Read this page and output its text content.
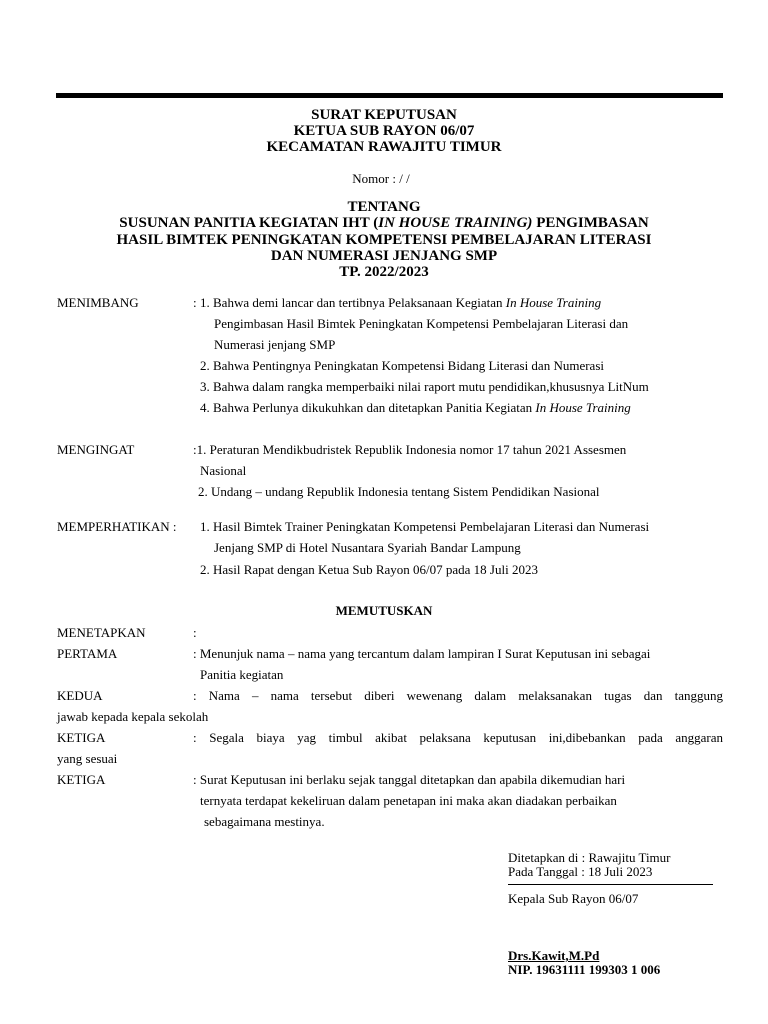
SURAT KEPUTUSAN
KETUA SUB RAYON 06/07
KECAMATAN RAWAJITU TIMUR
Nomor : / /
TENTANG
SUSUNAN PANITIA KEGIATAN IHT (IN HOUSE TRAINING) PENGIMBASAN
HASIL BIMTEK PENINGKATAN KOMPETENSI PEMBELAJARAN LITERASI
DAN NUMERASI JENJANG SMP
TP. 2022/2023
MENIMBANG	: 1. Bahwa demi lancar dan tertibnya Pelaksanaan Kegiatan In House Training
Pengimbasan Hasil Bimtek Peningkatan Kompetensi Pembelajaran Literasi dan
Numerasi jenjang SMP
2. Bahwa Pentingnya Peningkatan Kompetensi Bidang Literasi dan Numerasi
3. Bahwa dalam rangka memperbaiki nilai raport mutu pendidikan,khususnya LitNum
4. Bahwa Perlunya dikukuhkan dan ditetapkan Panitia Kegiatan In House Training
MENGINGAT	:1. Peraturan Mendikbudristek Republik Indonesia nomor 17 tahun 2021 Assesmen
Nasional
2. Undang – undang Republik Indonesia tentang Sistem Pendidikan Nasional
MEMPERHATIKAN : 1. Hasil Bimtek Trainer Peningkatan Kompetensi Pembelajaran Literasi dan Numerasi
Jenjang SMP di Hotel Nusantara Syariah Bandar Lampung
2. Hasil Rapat dengan Ketua Sub Rayon 06/07 pada 18 Juli 2023
MEMUTUSKAN
MENETAPKAN	:
PERTAMA	: Menunjuk nama – nama yang tercantum dalam lampiran I Surat Keputusan ini sebagai
Panitia kegiatan
KEDUA	: Nama – nama tersebut diberi wewenang dalam melaksanakan tugas dan tanggung
jawab kepada kepala sekolah
KETIGA	: Segala biaya yag timbul akibat pelaksana keputusan ini,dibebankan pada anggaran
yang sesuai
KETIGA	: Surat Keputusan ini berlaku sejak tanggal ditetapkan dan apabila dikemudian hari
ternyata terdapat kekeliruan dalam penetapan ini maka akan diadakan perbaikan
sebagaimana mestinya.
Ditetapkan di : Rawajitu Timur
Pada Tanggal : 18 Juli 2023
Kepala Sub Rayon 06/07
Drs.Kawit,M.Pd
NIP. 19631111 199303 1 006
